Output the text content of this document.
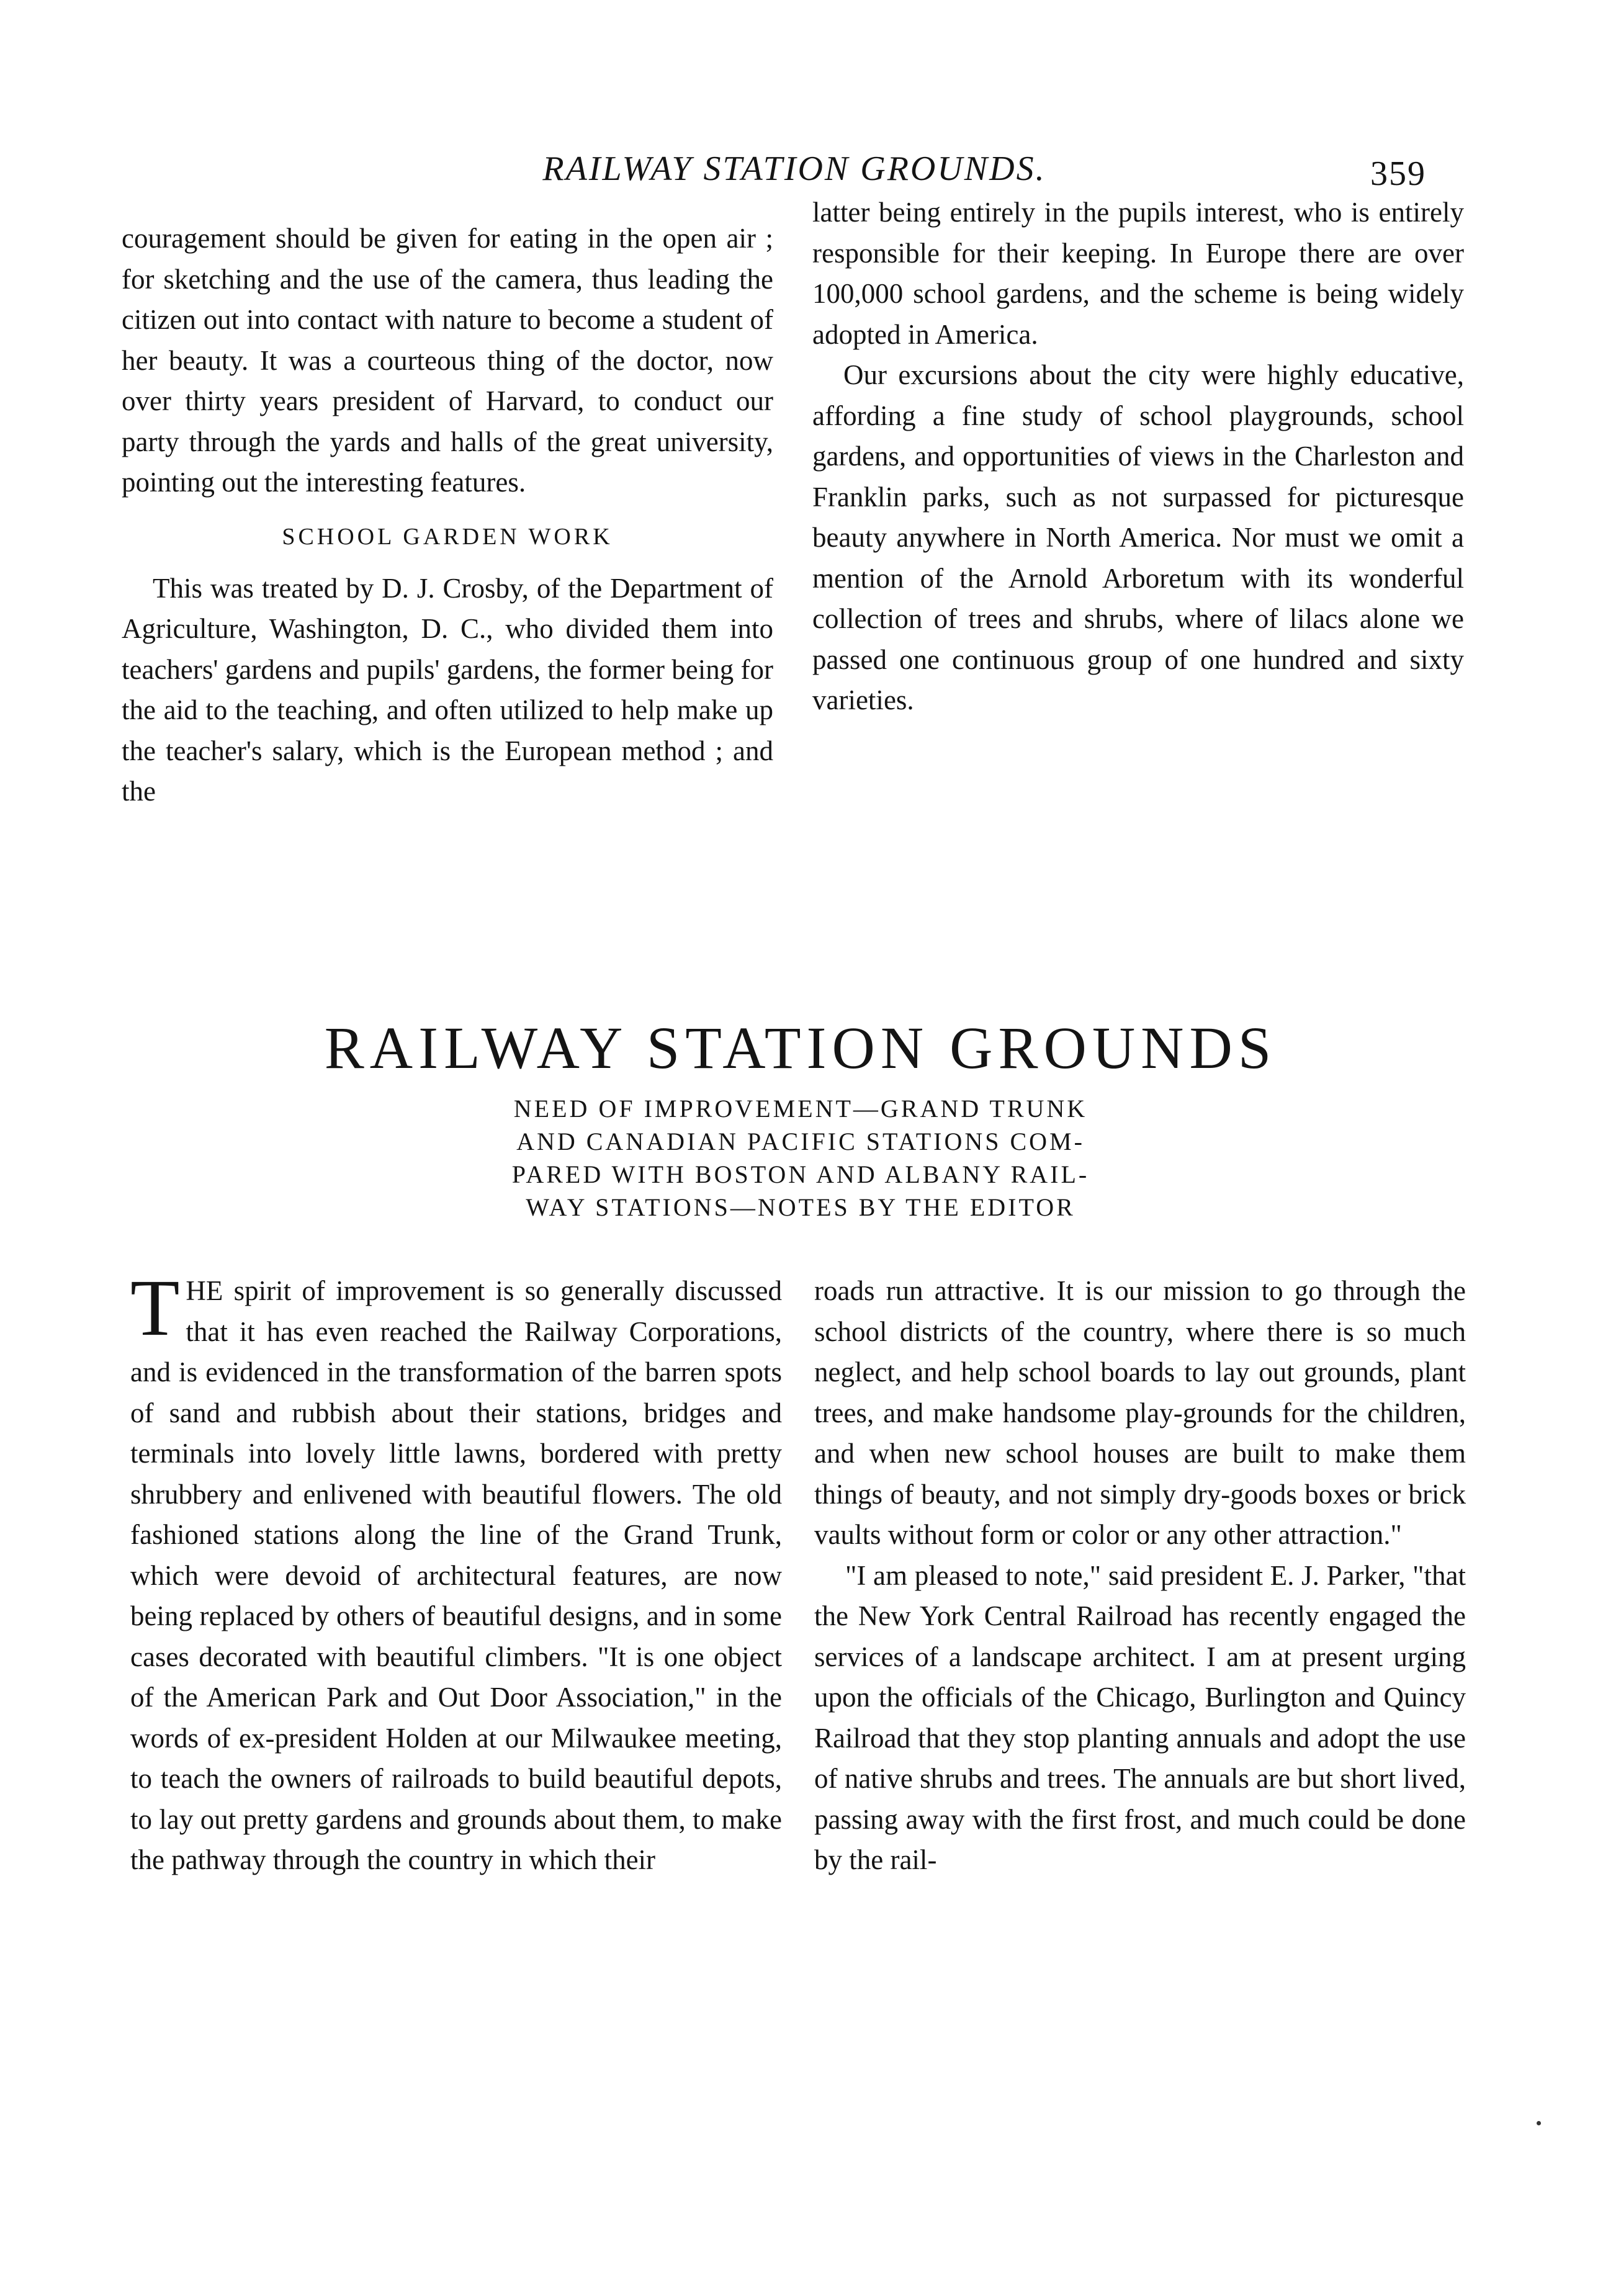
RAILWAY STATION GROUNDS.	359

couragement should be given for eating in the open air ; for sketching and the use of the camera, thus leading the citizen out into contact with nature to become a student of her beauty. It was a courteous thing of the doctor, now over thirty years president of Harvard, to conduct our party through the yards and halls of the great university, pointing out the interesting features.

SCHOOL GARDEN WORK

This was treated by D. J. Crosby, of the Department of Agriculture, Washington, D. C., who divided them into teachers' gardens and pupils' gardens, the former being for the aid to the teaching, and often utilized to help make up the teacher's salary, which is the European method ; and the

latter being entirely in the pupils interest, who is entirely responsible for their keeping. In Europe there are over 100,000 school gardens, and the scheme is being widely adopted in America.

Our excursions about the city were highly educative, affording a fine study of school playgrounds, school gardens, and opportunities of views in the Charleston and Franklin parks, such as not surpassed for picturesque beauty anywhere in North America. Nor must we omit a mention of the Arnold Arboretum with its wonderful collection of trees and shrubs, where of lilacs alone we passed one continuous group of one hundred and sixty varieties.

RAILWAY STATION GROUNDS
NEED OF IMPROVEMENT—GRAND TRUNK
AND CANADIAN PACIFIC STATIONS COM-
PARED WITH BOSTON AND ALBANY RAIL-
WAY STATIONS—NOTES BY THE EDITOR

THE spirit of improvement is so generally discussed that it has even reached the Railway Corporations, and is evidenced in the transformation of the barren spots of sand and rubbish about their stations, bridges and terminals into lovely little lawns, bordered with pretty shrubbery and enlivened with beautiful flowers. The old fashioned stations along the line of the Grand Trunk, which were devoid of architectural features, are now being replaced by others of beautiful designs, and in some cases decorated with beautiful climbers. "It is one object of the American Park and Out Door Association," in the words of ex-president Holden at our Milwaukee meeting, to teach the owners of railroads to build beautiful depots, to lay out pretty gardens and grounds about them, to make the pathway through the country in which their

roads run attractive. It is our mission to go through the school districts of the country, where there is so much neglect, and help school boards to lay out grounds, plant trees, and make handsome play-grounds for the children, and when new school houses are built to make them things of beauty, and not simply dry-goods boxes or brick vaults without form or color or any other attraction."

"I am pleased to note," said president E. J. Parker, "that the New York Central Railroad has recently engaged the services of a landscape architect. I am at present urging upon the officials of the Chicago, Burlington and Quincy Railroad that they stop planting annuals and adopt the use of native shrubs and trees. The annuals are but short lived, passing away with the first frost, and much could be done by the rail-
